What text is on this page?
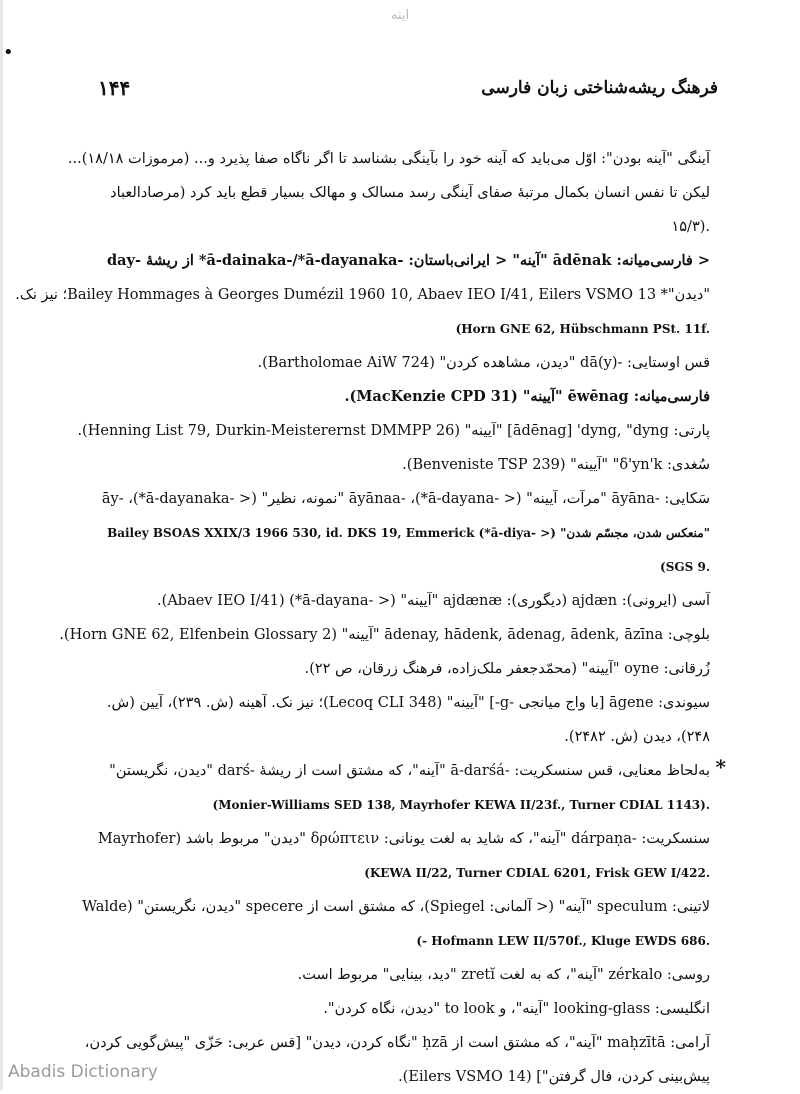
•
اینه
۱۴۴	فرهنگ ریشه‌شناختی زبان فارسی
آینگی "آینه بودن": اوّل می‌باید که آینه خود را بآینگی بشناسد تا اگر ناگاه صفا پذیرد و... (مرموزات ۱۸/۱۸)...
لیکن تا نفس انسان بکمال مرتبهٔ صفای آینگی رسد مسالک و مهالک بسیار قطع باید کرد (مرصادالعباد
۱۵/۳).
< فارسی‌میانه: ādēnak "آینه" < ایرانی‌باستان: -ā-dainaka-/*ā-dayanaka* از ریشهٔ -day
"دیدن"* Bailey Hommages à Georges Dumézil 1960 10, Abaev IEO I/41, Eilers VSMO 13؛ نیز نک.
(Horn GNE 62, Hübschmann PSt. 11f.
قس اوستایی: -dā(y) "دیدن، مشاهده کردن" (Bartholomae AiW 724).
فارسی‌میانه: ēwēnag "آیینه" (MacKenzie CPD 31).
پارتی: ādēnag] 'dyng, "dyng] "آیینه" (Henning List 79, Durkin-Meisterernst DMMPP 26).
سُغدی: δ'yn'k" "آیینه" (Benveniste TSP 239).
سَکایی: -āyāna "مرآت، آیینه" (< -ā-dayana*)، -āyānaa "نمونه، نظیر" (< -ā-dayanaka*)، -āy
"منعکس شدن، مجسّم شدن" (< -ā-diya*) Bailey BSOAS XXIX/3 1966 530, id. DKS 19, Emmerick
(SGS 9.
آسی (ایرونی): ajdæn (دیگوری): ajdænæ "آیینه" (< -ā-dayana*) (Abaev IEO I/41).
بلوچی: ādenay, hādenk, ādenag, ādenk, āzīna "آیینه" (Horn GNE 62, Elfenbein Glossary 2).
زُرقانی: oyne "آیینه" (محمّدجعفر ملک‌زاده، فرهنگ زرقان، ص ۲۲).
سیوندی: āgene [با واج میانجی -g-] "آیینه" (Lecoq CLI 348)؛ نیز نک. آهینه (ش. ۲۳۹)، آیین (ش.
۲۴۸)، دیدن (ش. ۲۴۸۲).
* به‌لحاظ معنایی، قس سنسکریت: -ā-darśá "آینه"، که مشتق است از ریشهٔ -darś "دیدن، نگریستن"
(Monier-Williams SED 138, Mayrhofer KEWA II/23f., Turner CDIAL 1143).
سنسکریت: -dárpaṇa "آینه"، که شاید به لغت یونانی: δρώπτειν "دیدن" مربوط باشد (Mayrhofer
(KEWA II/22, Turner CDIAL 6201, Frisk GEW I/422.
لاتینی: speculum "آینه" (< آلمانی: Spiegel)، که مشتق است از specere "دیدن، نگریستن" (Walde
(- Hofmann LEW II/570f., Kluge EWDS 686.
روسی: zérkalo "آینه"، که به لغت zretĭ "دید، بینایی" مربوط است.
انگلیسی: looking-glass "آینه"، و to look "دیدن، نگاه کردن".
آرامی: maḥzītā "آینه"، که مشتق است از ḥzā "نگاه کردن، دیدن" [قس عربی: حَزّی "پیش‌گویی کردن،
پیش‌بینی کردن، فال گرفتن"] (Eilers VSMO 14).
Abadis Dictionary
